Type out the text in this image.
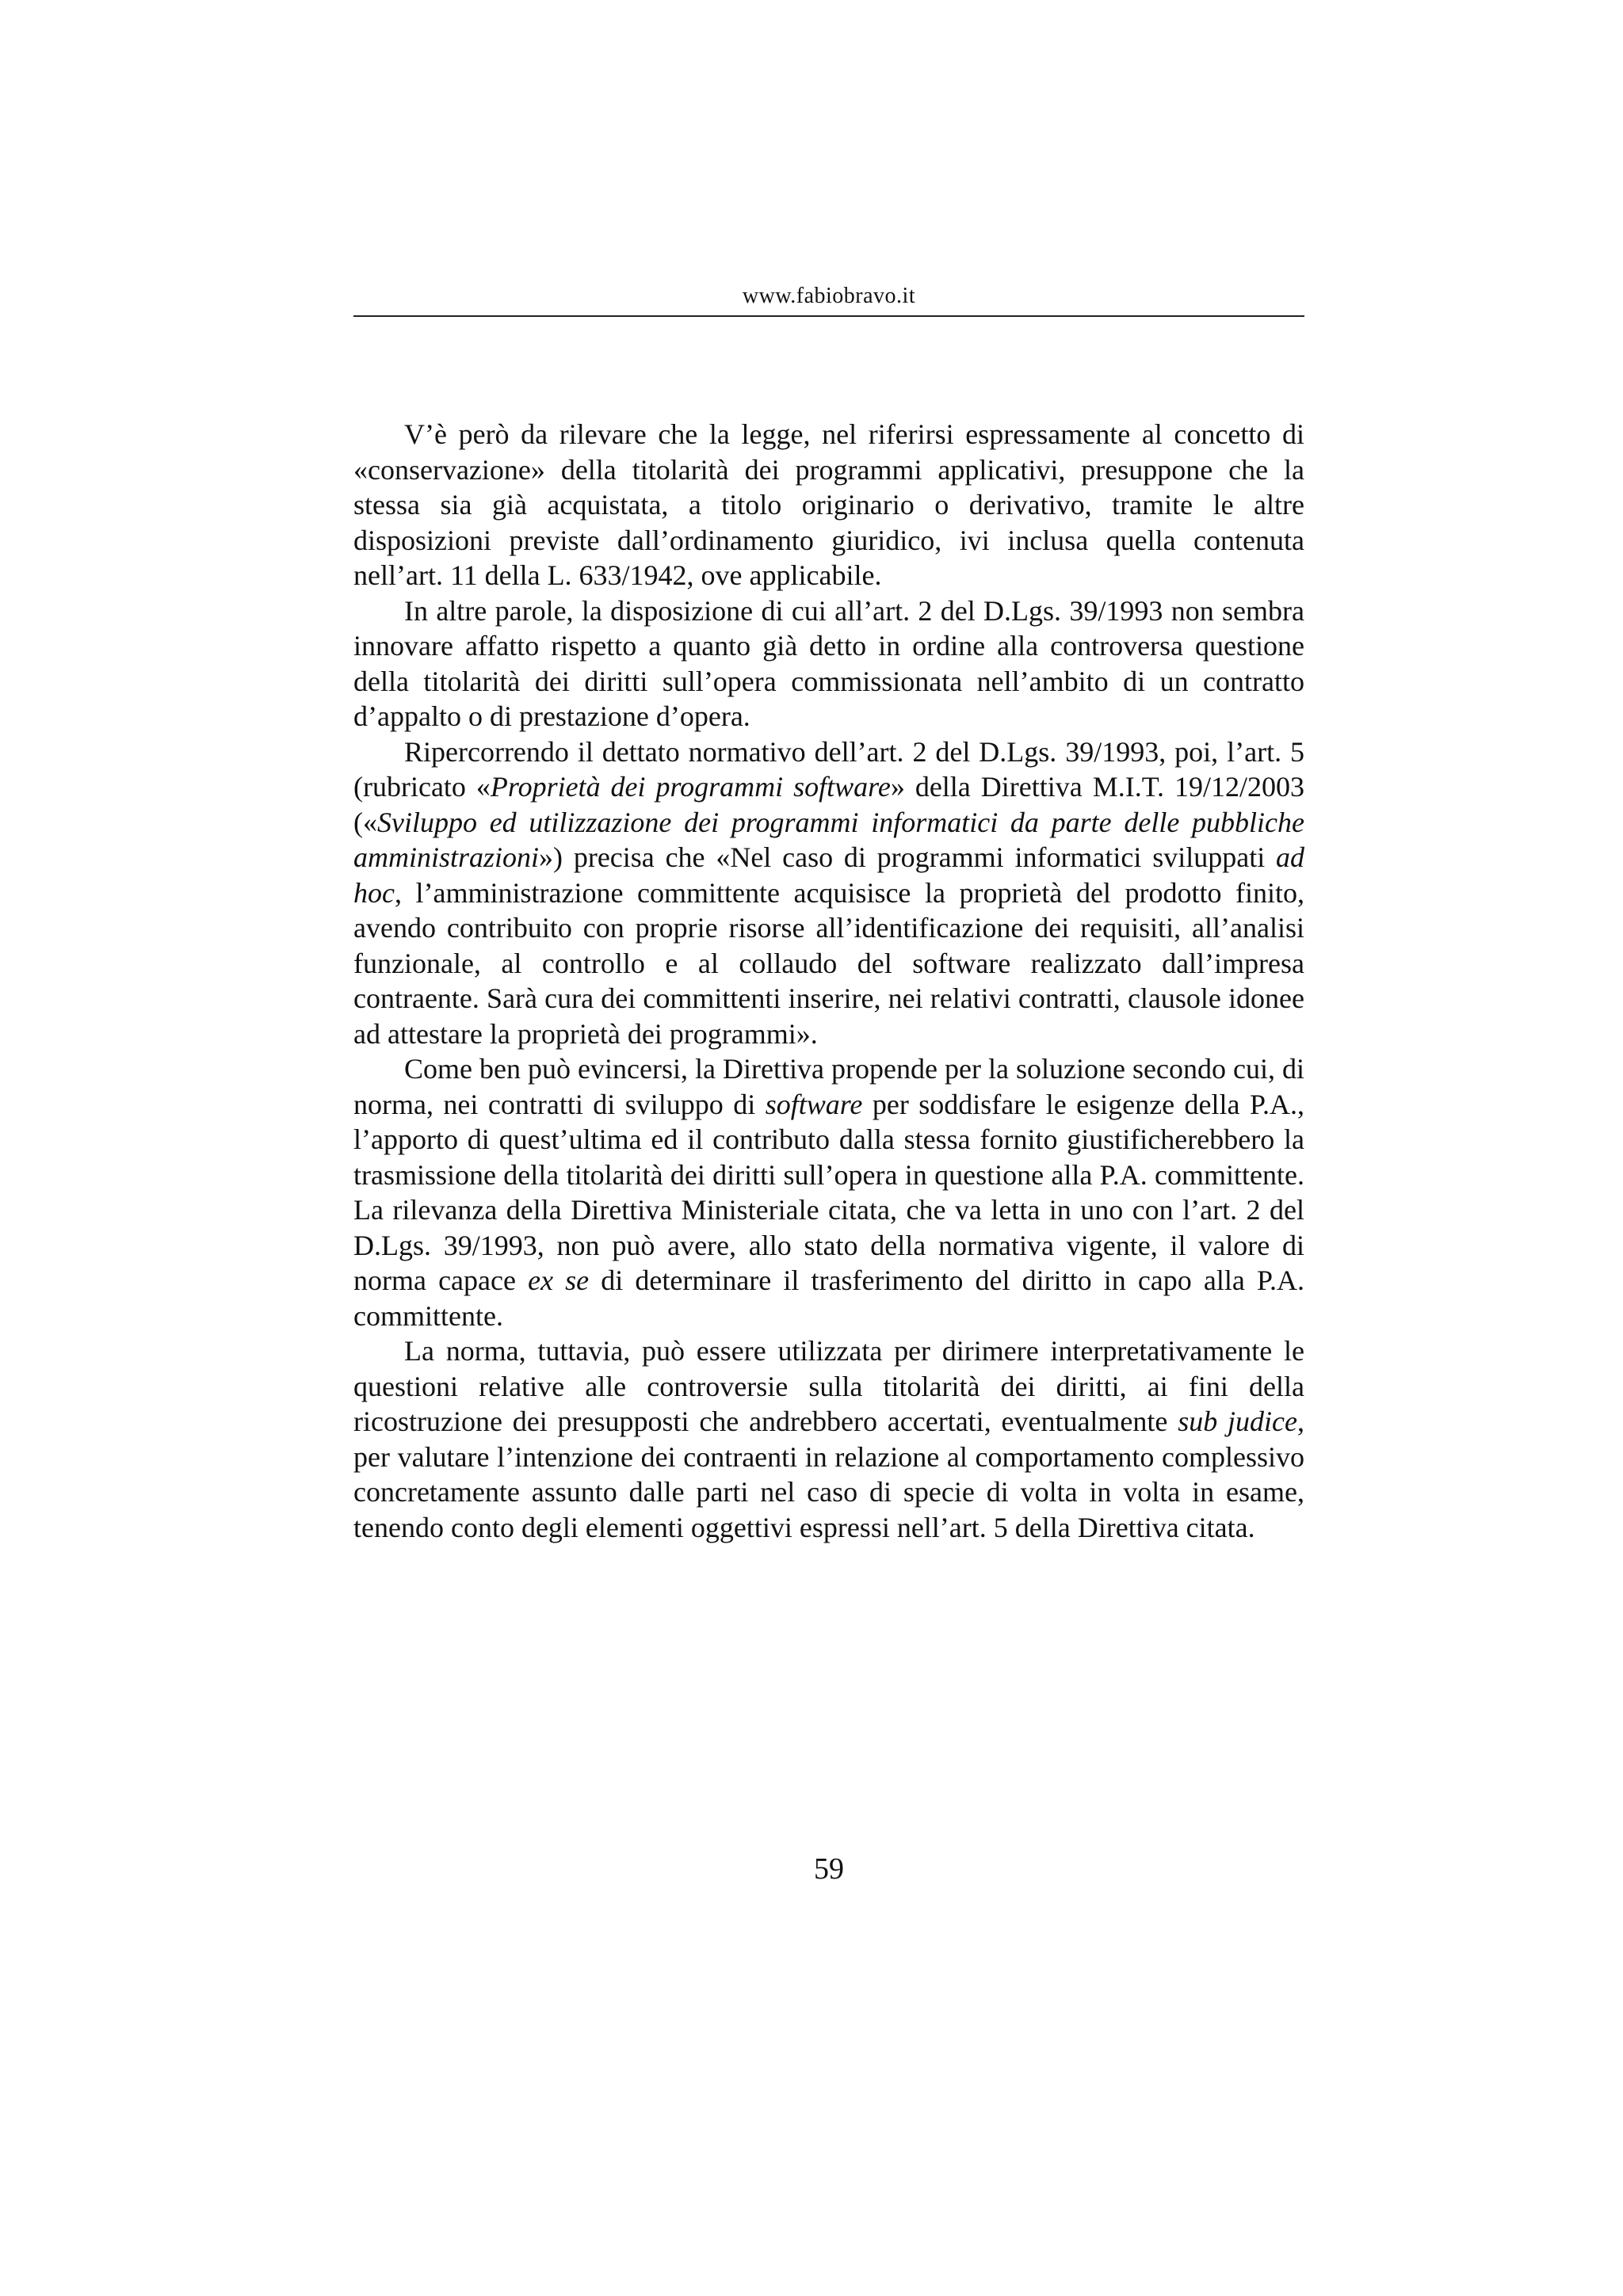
www.fabiobravo.it

V’è però da rilevare che la legge, nel riferirsi espressamente al concetto di «conservazione» della titolarità dei programmi applicativi, presuppone che la stessa sia già acquistata, a titolo originario o derivativo, tramite le altre disposizioni previste dall’ordinamento giuridico, ivi inclusa quella contenuta nell’art. 11 della L. 633/1942, ove applicabile.

In altre parole, la disposizione di cui all’art. 2 del D.Lgs. 39/1993 non sembra innovare affatto rispetto a quanto già detto in ordine alla controversa questione della titolarità dei diritti sull’opera commissionata nell’ambito di un contratto d’appalto o di prestazione d’opera.

Ripercorrendo il dettato normativo dell’art. 2 del D.Lgs. 39/1993, poi, l’art. 5 (rubricato «Proprietà dei programmi software» della Direttiva M.I.T. 19/12/2003 («Sviluppo ed utilizzazione dei programmi informatici da parte delle pubbliche amministrazioni») precisa che «Nel caso di programmi informatici sviluppati ad hoc, l’amministrazione committente acquisisce la proprietà del prodotto finito, avendo contribuito con proprie risorse all’identificazione dei requisiti, all’analisi funzionale, al controllo e al collaudo del software realizzato dall’impresa contraente. Sarà cura dei committenti inserire, nei relativi contratti, clausole idonee ad attestare la proprietà dei programmi».

Come ben può evincersi, la Direttiva propende per la soluzione secondo cui, di norma, nei contratti di sviluppo di software per soddisfare le esigenze della P.A., l’apporto di quest’ultima ed il contributo dalla stessa fornito giustificherebbero la trasmissione della titolarità dei diritti sull’opera in questione alla P.A. committente. La rilevanza della Direttiva Ministeriale citata, che va letta in uno con l’art. 2 del D.Lgs. 39/1993, non può avere, allo stato della normativa vigente, il valore di norma capace ex se di determinare il trasferimento del diritto in capo alla P.A. committente.

La norma, tuttavia, può essere utilizzata per dirimere interpretativamente le questioni relative alle controversie sulla titolarità dei diritti, ai fini della ricostruzione dei presupposti che andrebbero accertati, eventualmente sub judice, per valutare l’intenzione dei contraenti in relazione al comportamento complessivo concretamente assunto dalle parti nel caso di specie di volta in volta in esame, tenendo conto degli elementi oggettivi espressi nell’art. 5 della Direttiva citata.

59
